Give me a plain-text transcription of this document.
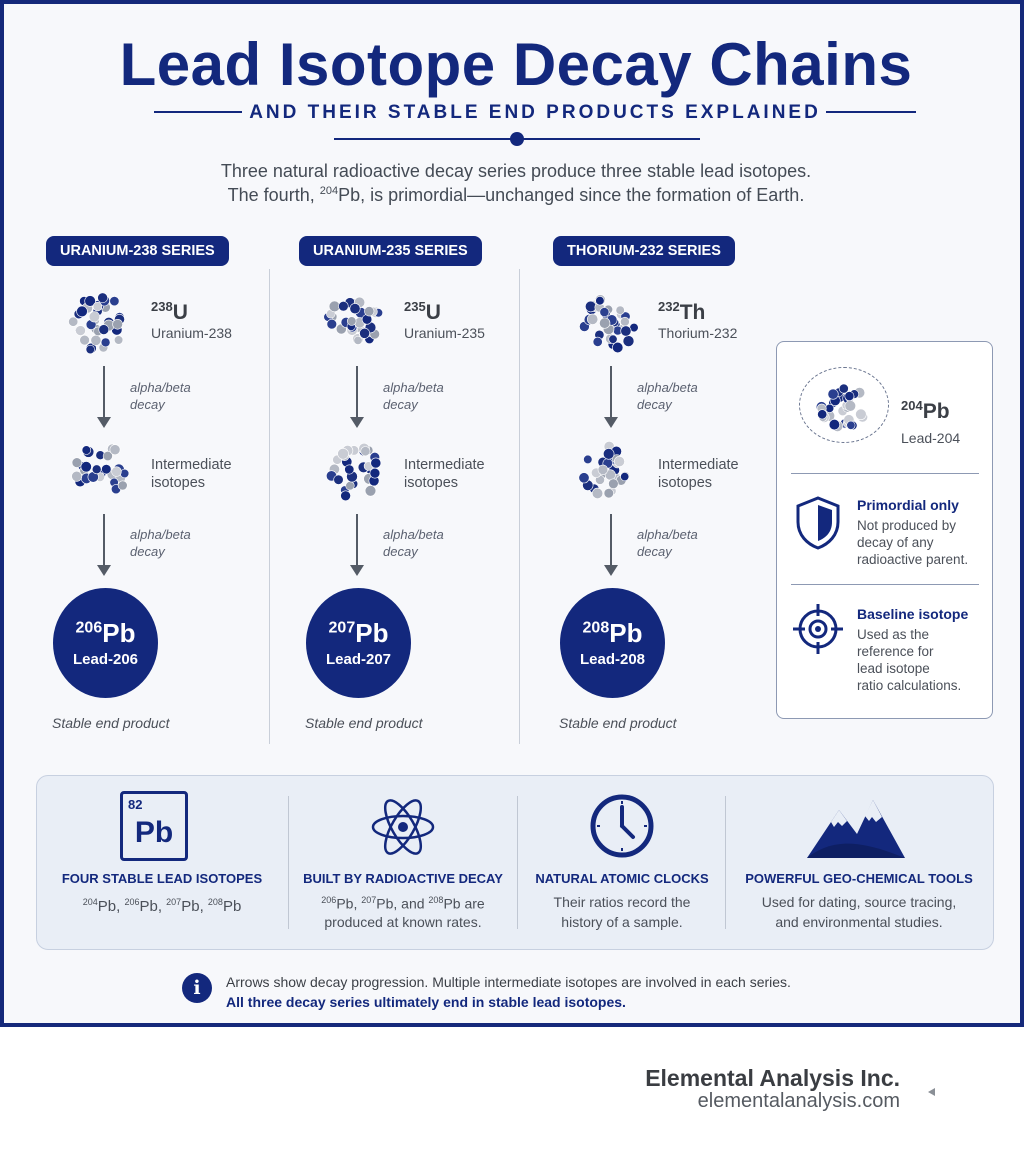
Lead Isotope Decay Chains
AND THEIR STABLE END PRODUCTS EXPLAINED
Three natural radioactive decay series produce three stable lead isotopes.
The fourth, $^{204}$Pb, is primordial—unchanged since the formation of Earth.
URANIUM-238 SERIES
$^{238}$U
Uranium-238
alpha/beta
decay
Intermediate
isotopes
alpha/beta
decay
$^{206}$Pb
Lead-206
Stable end product
URANIUM-235 SERIES
$^{235}$U
Uranium-235
alpha/beta
decay
Intermediate
isotopes
alpha/beta
decay
$^{207}$Pb
Lead-207
Stable end product
THORIUM-232 SERIES
$^{232}$Th
Thorium-232
alpha/beta
decay
Intermediate
isotopes
alpha/beta
decay
$^{208}$Pb
Lead-208
Stable end product
$^{204}$Pb
Lead-204
Primordial only
Not produced by
decay of any
radioactive parent.
Baseline isotope
Used as the
reference for
lead isotope
ratio calculations.
82
Pb
FOUR STABLE LEAD ISOTOPES
$^{204}$Pb, $^{206}$Pb, $^{207}$Pb, $^{208}$Pb
BUILT BY RADIOACTIVE DECAY
$^{206}$Pb, $^{207}$Pb, and $^{208}$Pb are
produced at known rates.
NATURAL ATOMIC CLOCKS
Their ratios record the
history of a sample.
POWERFUL GEO-CHEMICAL TOOLS
Used for dating, source tracing,
and environmental studies.
i	Arrows show decay progression. Multiple intermediate isotopes are involved in each series.
All three decay series ultimately end in stable lead isotopes.
Elemental Analysis Inc.
elementalanalysis.com
